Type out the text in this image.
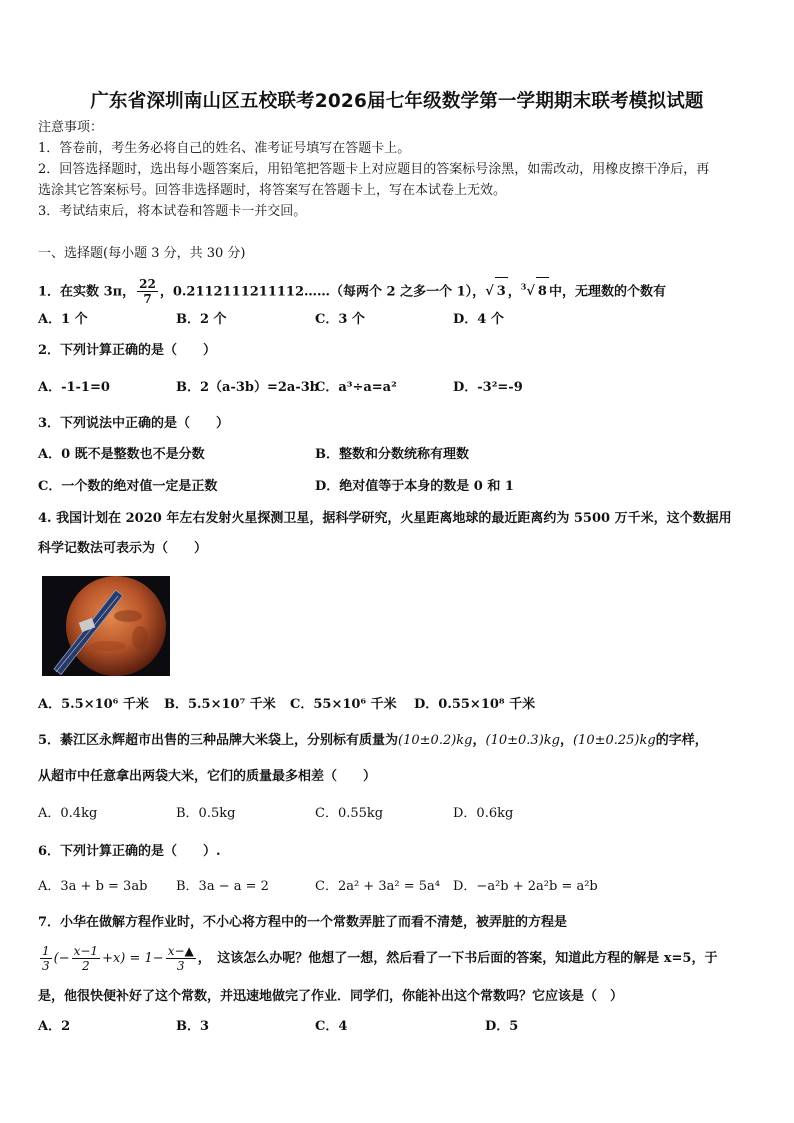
广东省深圳南山区五校联考2026届七年级数学第一学期期末联考模拟试题
注意事项：
1．答卷前，考生务必将自己的姓名、准考证号填写在答题卡上。
2．回答选择题时，选出每小题答案后，用铅笔把答题卡上对应题目的答案标号涂黑，如需改动，用橡皮擦干净后，再
选涂其它答案标号。回答非选择题时，将答案写在答题卡上，写在本试卷上无效。
3．考试结束后，将本试卷和答题卡一并交回。
一、选择题(每小题 3 分，共 30 分)
1．在实数 3π， $\frac{22}{7}$ ，0.2112111211112……（每两个 2 之多一个 1），√ 3 ，$^3$√ 8 中，无理数的个数有
A．1 个	B．2 个	C．3 个	D．4 个
2．下列计算正确的是（　　）
A．-1-1=0	B．2（a-3b）=2a-3b
C．a³÷a=a²	D．-3²=-9
3．下列说法中正确的是（　　）
A．0 既不是整数也不是分数	B．整数和分数统称有理数
C．一个数的绝对值一定是正数	D．绝对值等于本身的数是 0 和 1
4. 我国计划在 2020 年左右发射火星探测卫星，据科学研究，火星距离地球的最近距离约为 5500 万千米，这个数据用
科学记数法可表示为（　　）
A．5.5×10⁶ 千米 B．5.5×10⁷ 千米 C．55×10⁶ 千米 D．0.55×10⁸ 千米
5．綦江区永辉超市出售的三种品牌大米袋上，分别标有质量为(10±0.2)kg，(10±0.3)kg，(10±0.25)kg的字样，
从超市中任意拿出两袋大米，它们的质量最多相差（　　）
A．0.4kg	B．0.5kg	C．0.55kg	D．0.6kg
6．下列计算正确的是（　　）.
A．3a + b = 3ab B．3a − a = 2	C．2a² + 3a² = 5a⁴ D．−a²b + 2a²b = a²b
7．小华在做解方程作业时，不小心将方程中的一个常数弄脏了而看不清楚，被弄脏的方程是
$\frac{1}{3}$ (− $\frac{x-1}{2} +x) = 1- \frac{x-▲}{3}$ ，　这该怎么办呢？他想了一想，然后看了一下书后面的答案，知道此方程的解是 x=5，于
是，他很快便补好了这个常数，并迅速地做完了作业．同学们，你能补出这个常数吗？它应该是（　）
A．2	B．3	C．4	D．5
